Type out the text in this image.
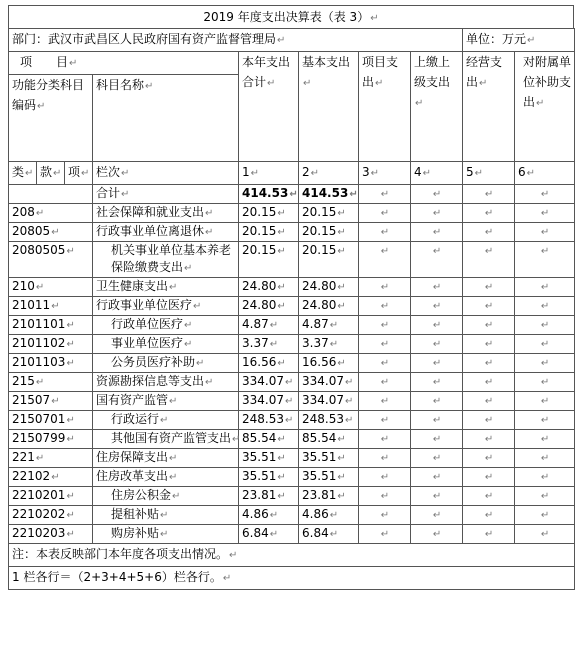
2019 年度支出决算表（表 3）↵
部门：武汉市武昌区人民政府国有资产监督管理局↵								单位：万元↵	
项　　目↵				本年支出合计↵	基本支出↵	项目支出↵	上缴上级支出↵	经营支出↵	对附属单位补助支出↵
功能分类科目编码↵			科目名称↵						
类↵	款↵	项↵	栏次↵	1↵	2↵	3↵	4↵	5↵	6↵
			合计↵	414.53↵	414.53↵	↵	↵	↵	↵
208↵			社会保障和就业支出↵	20.15↵	20.15↵	↵	↵	↵	↵
20805↵			行政事业单位离退休↵	20.15↵	20.15↵	↵	↵	↵	↵
2080505↵			机关事业单位基本养老保险缴费支出↵	20.15↵	20.15↵	↵	↵	↵	↵
210↵			卫生健康支出↵	24.80↵	24.80↵	↵	↵	↵	↵
21011↵			行政事业单位医疗↵	24.80↵	24.80↵	↵	↵	↵	↵
2101101↵			行政单位医疗↵	4.87↵	4.87↵	↵	↵	↵	↵
2101102↵			事业单位医疗↵	3.37↵	3.37↵	↵	↵	↵	↵
2101103↵			公务员医疗补助↵	16.56↵	16.56↵	↵	↵	↵	↵
215↵			资源勘探信息等支出↵	334.07↵	334.07↵	↵	↵	↵	↵
21507↵			国有资产监管↵	334.07↵	334.07↵	↵	↵	↵	↵
2150701↵			行政运行↵	248.53↵	248.53↵	↵	↵	↵	↵
2150799↵			其他国有资产监管支出↵	85.54↵	85.54↵	↵	↵	↵	↵
221↵			住房保障支出↵	35.51↵	35.51↵	↵	↵	↵	↵
22102↵			住房改革支出↵	35.51↵	35.51↵	↵	↵	↵	↵
2210201↵			住房公积金↵	23.81↵	23.81↵	↵	↵	↵	↵
2210202↵			提租补贴↵	4.86↵	4.86↵	↵	↵	↵	↵
2210203↵			购房补贴↵	6.84↵	6.84↵	↵	↵	↵	↵
注：本表反映部门本年度各项支出情况。↵									
1 栏各行＝（2+3+4+5+6）栏各行。↵									
